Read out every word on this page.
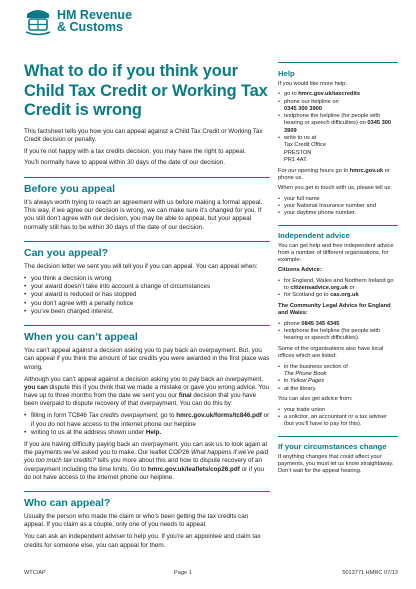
HM Revenue
& Customs
What to do if you think your Child Tax Credit or Working Tax Credit is wrong

This factsheet tells you how you can appeal against a Child Tax Credit or Working Tax Credit decision or penalty.

If you’re not happy with a tax credits decision, you may have the right to appeal.

You’ll normally have to appeal within 30 days of the date of our decision.

Before you appeal

It’s always worth trying to reach an agreement with us before making a formal appeal. This way, if we agree our decision is wrong, we can make sure it’s changed for you. If you still don’t agree with our decision, you may be able to appeal, but your appeal normally still has to be within 30 days of the date of our decision.

Can you appeal?

The decision letter we sent you will tell you if you can appeal. You can appeal when:

• you think a decision is wrong
• your award doesn’t take into account a change of circumstances
• your award is reduced or has stopped
• you don’t agree with a penalty notice
• you’ve been charged interest.
When you can’t appeal

You can’t appeal against a decision asking you to pay back an overpayment. But, you can appeal if you think the amount of tax credits you were awarded in the first place was wrong.

Although you can’t appeal against a decision asking you to pay back an overpayment, you can dispute this if you think that we made a mistake or gave you wrong advice. You have up to three months from the date we sent you our final decision that you have been overpaid to dispute recovery of that overpayment. You can do this by:

• filling in form TC846 Tax credits overpayment, go to hmrc.gov.uk/forms/tc846.pdf or if you do not have access to the internet phone our helpline
• writing to us at the address shown under Help.

If you are having difficulty paying back an overpayment, you can ask us to look again at the payments we’ve asked you to make. Our leaflet COP26 What happens if we’ve paid you too much tax credits? tells you more about this and how to dispute recovery of an overpayment including the time limits. Go to hmrc.gov.uk/leaflets/cop26.pdf or if you do not have access to the internet phone our helpline.

Who can appeal?

Usually the person who made the claim or who’s been getting the tax credits can appeal. If you claim as a couple, only one of you needs to appeal.

You can ask an independent adviser to help you. If you’re an appointee and claim tax credits for someone else, you can appeal for them.

Help

If you would like more help:

• go to hmrc.gov.uk/taxcredits
• phone our helpline on
0345 300 3900
• textphone the helpline (for people with hearing or speech difficulties) on 0345 300 3909
• write to us at
Tax Credit Office
PRESTON
PR1 4AT.

For our opening hours go to hmrc.gov.uk or phone us.

When you get in touch with us, please tell us:

• your full name
• your National Insurance number and
• your daytime phone number.
Independent advice

You can get help and free independent advice from a number of different organisations, for example:

Citizens Advice:

• for England, Wales and Northern Ireland go to citizensadvice.org.uk or
• for Scotland go to cas.org.uk

The Community Legal Advice for England and Wales:

• phone 0845 345 4345
• textphone the helpline (for people with hearing or speech difficulties).

Some of the organisations also have local offices which are listed:

• in the business section of
The Phone Book
• in Yellow Pages
• at the library.

You can also get advice from:

• your trade union
• a solicitor, an accountant or a tax adviser (but you’ll have to pay for this).
If your circumstances change

If anything changes that could affect your payments, you must let us know straightaway. Don’t wait for the appeal hearing.

WTC/AP	Page 1	5013771 HMRC 07/13
